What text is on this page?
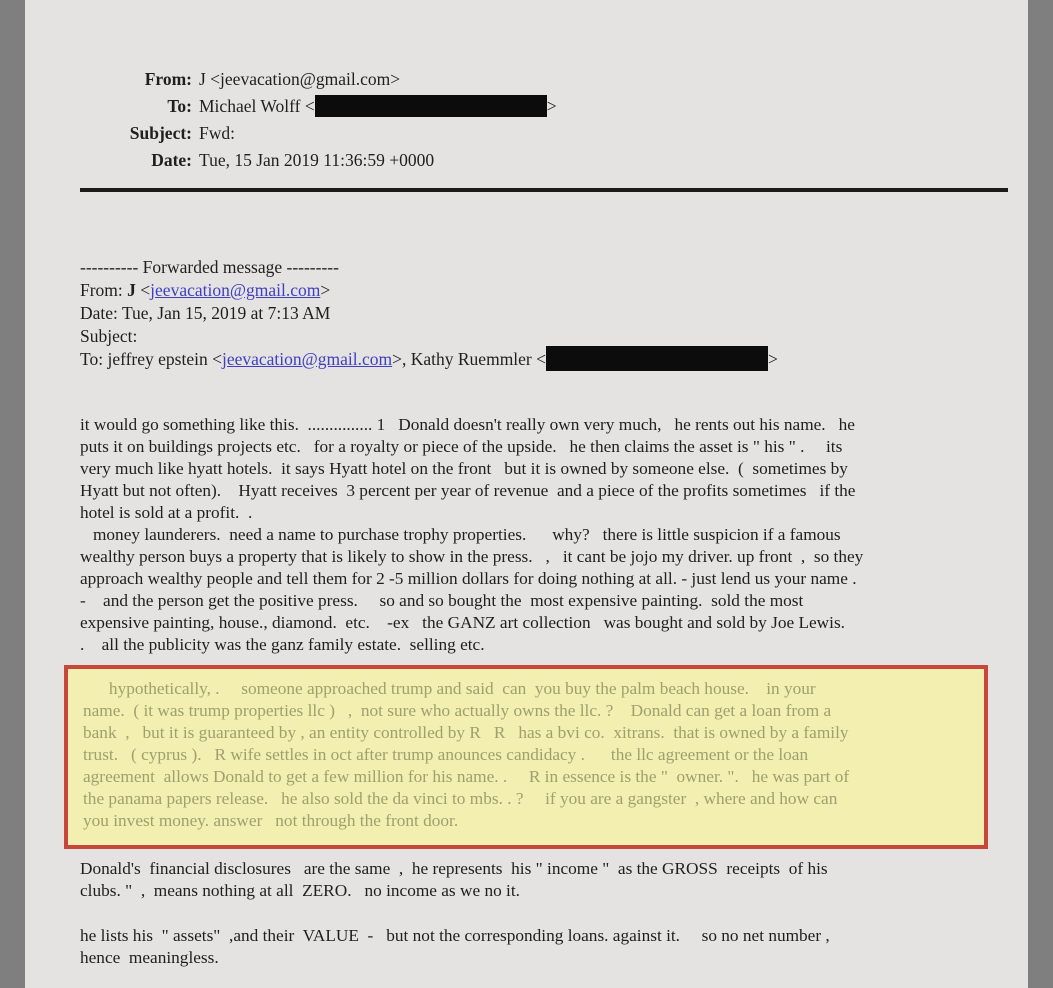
From: J <jeevacation@gmail.com>
To: Michael Wolff <	>
Subject: Fwd:
Date: Tue, 15 Jan 2019 11:36:59 +0000
---------- Forwarded message ---------
From: J <jeevacation@gmail.com>
Date: Tue, Jan 15, 2019 at 7:13 AM
Subject:
To: jeffrey epstein <jeevacation@gmail.com>, Kathy Ruemmler <	>
it would go something like this.  ............... 1   Donald doesn't really own very much,   he rents out his name.   he
puts it on buildings projects etc.   for a royalty or piece of the upside.   he then claims the asset is " his " .     its
very much like hyatt hotels.  it says Hyatt hotel on the front   but it is owned by someone else.  (  sometimes by
Hyatt but not often).    Hyatt receives  3 percent per year of revenue  and a piece of the profits sometimes   if the
hotel is sold at a profit.  .
money launderers.  need a name to purchase trophy properties.      why?   there is little suspicion if a famous
wealthy person buys a property that is likely to show in the press.   ,   it cant be jojo my driver. up front  ,  so they
approach wealthy people and tell them for 2 -5 million dollars for doing nothing at all. - just lend us your name .
-    and the person get the positive press.     so and so bought the  most expensive painting.  sold the most
expensive painting, house., diamond.  etc.    -ex   the GANZ art collection   was bought and sold by Joe Lewis.
.    all the publicity was the ganz family estate.  selling etc.
hypothetically, .     someone approached trump and said  can  you buy the palm beach house.    in your
name.  ( it was trump properties llc )   ,  not sure who actually owns the llc. ?    Donald can get a loan from a
bank  ,   but it is guaranteed by , an entity controlled by R   R   has a bvi co.  xitrans.  that is owned by a family
trust.   ( cyprus ).   R wife settles in oct after trump anounces candidacy .      the llc agreement or the loan
agreement  allows Donald to get a few million for his name. .     R in essence is the "  owner. ".   he was part of
the panama papers release.   he also sold the da vinci to mbs. . ?     if you are a gangster  , where and how can
you invest money. answer   not through the front door.
Donald's  financial disclosures   are the same  ,  he represents  his " income "  as the GROSS  receipts  of his
clubs. "  ,  means nothing at all  ZERO.   no income as we no it.
he lists his  " assets"  ,and their  VALUE  -   but not the corresponding loans. against it.     so no net number ,
hence  meaningless.
